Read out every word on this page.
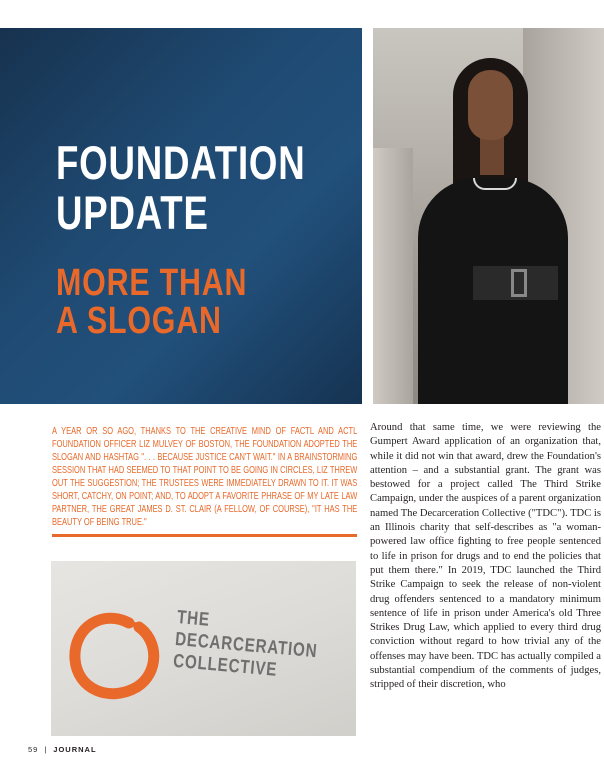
FOUNDATION
UPDATE
MORE THAN
A SLOGAN

A YEAR OR SO AGO, THANKS TO THE CREATIVE MIND OF FACTL AND ACTL FOUNDATION OFFICER LIZ MULVEY OF BOSTON, THE FOUNDATION ADOPTED THE SLOGAN AND HASHTAG ". . . BECAUSE JUSTICE CAN'T WAIT." IN A BRAINSTORMING SESSION THAT HAD SEEMED TO THAT POINT TO BE GOING IN CIRCLES, LIZ THREW OUT THE SUGGESTION; THE TRUSTEES WERE IMMEDIATELY DRAWN TO IT. IT WAS SHORT, CATCHY, ON POINT; AND, TO ADOPT A FAVORITE PHRASE OF MY LATE LAW PARTNER, THE GREAT JAMES D. ST. CLAIR (A FELLOW, OF COURSE), "IT HAS THE BEAUTY OF BEING TRUE."

THE
DECARCERATION
COLLECTIVE

Around that same time, we were reviewing the Gumpert Award application of an organization that, while it did not win that award, drew the Foundation's attention – and a substantial grant. The grant was bestowed for a project called The Third Strike Campaign, under the auspices of a parent organization named The Decarceration Collective ("TDC"). TDC is an Illinois charity that self-describes as "a woman-powered law office fighting to free people sentenced to life in prison for drugs and to end the policies that put them there." In 2019, TDC launched the Third Strike Campaign to seek the release of non-violent drug offenders sentenced to a mandatory minimum sentence of life in prison under America's old Three Strikes Drug Law, which applied to every third drug conviction without regard to how trivial any of the offenses may have been. TDC has actually compiled a substantial compendium of the comments of judges, stripped of their discretion, who

59 | JOURNAL
